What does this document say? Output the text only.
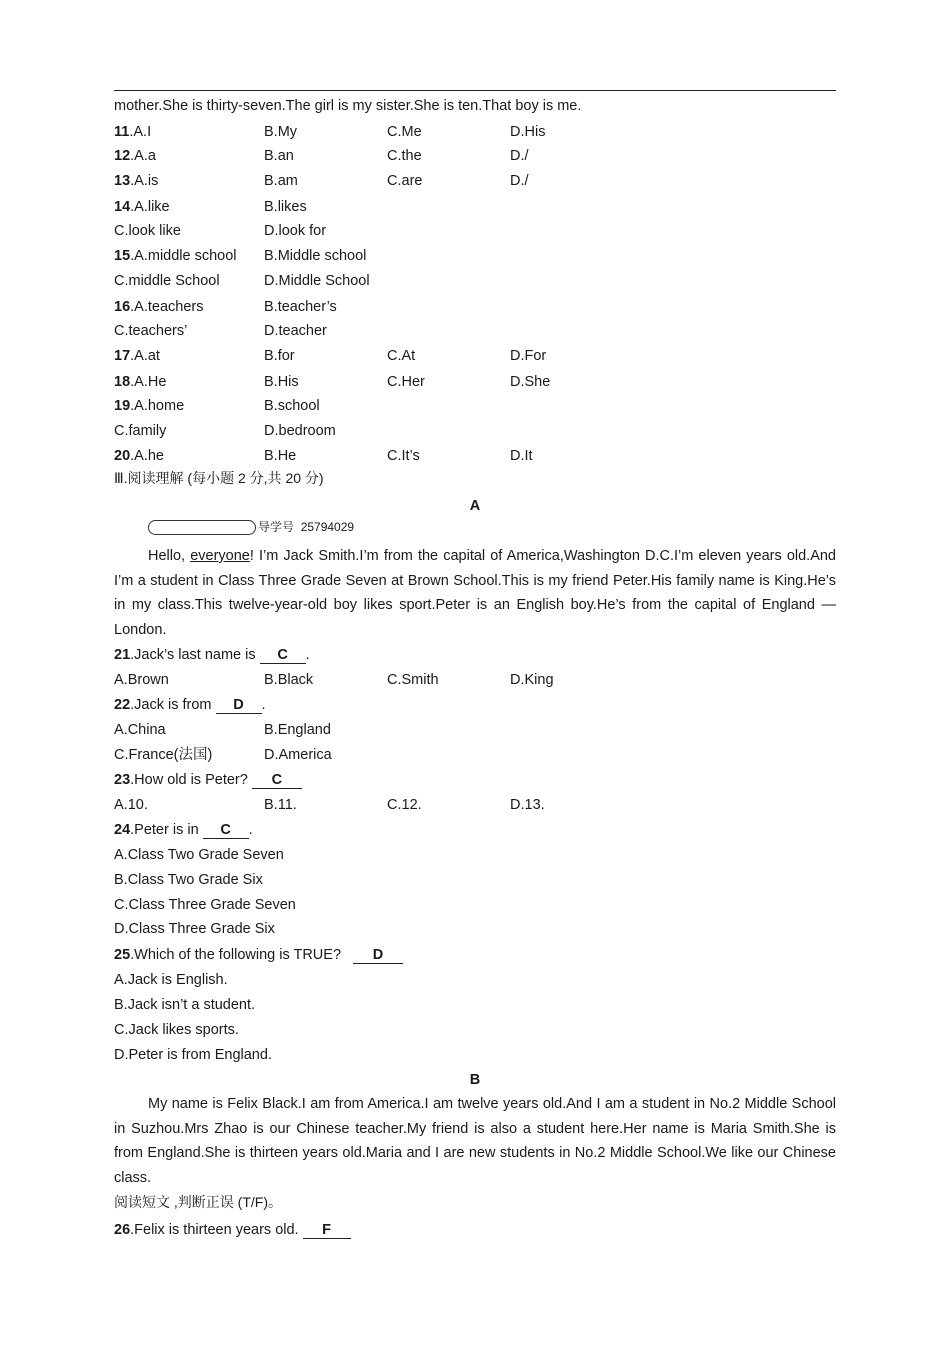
mother.She is thirty-seven.The girl is my sister.She is ten.That boy is me.
11.A.I	B.My	C.Me	D.His
12.A.a	B.an	C.the	D./
13.A.is	B.am	C.are	D./
14.A.like	B.likes
C.look like	D.look for
15.A.middle school B.Middle school
C.middle School	D.Middle School
16.A.teachers	B.teacher’s
C.teachers’	D.teacher
17.A.at	B.for	C.At	D.For
18.A.He	B.His	C.Her	D.She
19.A.home	B.school
C.family	D.bedroom
20.A.he	B.He	C.It’s	D.It
Ⅲ.阅读理解 (每小题 2 分,共 20 分)
A
导学号 25794029
Hello, everyone! I’m Jack Smith.I’m from the capital of America,Washington D.C.I’m eleven years old.And I’m a student in Class Three Grade Seven at Brown School.This is my friend Peter.His family name is King.He’s in my class.This twelve-year-old boy likes sport.Peter is an English boy.He’s from the capital of England — London.
21.Jack’s last name is C .
A.Brown	B.Black	C.Smith	D.King
22.Jack is from D .
A.China	B.England
C.France(法国)	D.America
23.How old is Peter? C
A.10.	B.11.	C.12.	D.13.
24.Peter is in C .
A.Class Two Grade Seven
B.Class Two Grade Six
C.Class Three Grade Seven
D.Class Three Grade Six
25.Which of the following is TRUE? D
A.Jack is English.
B.Jack isn’t a student.
C.Jack likes sports.
D.Peter is from England.
B
My name is Felix Black.I am from America.I am twelve years old.And I am a student in No.2 Middle School in Suzhou.Mrs Zhao is our Chinese teacher.My friend is also a student here.Her name is Maria Smith.She is from England.She is thirteen years old.Maria and I are new students in No.2 Middle School.We like our Chinese class.
阅读短文 ,判断正误 (T/F)。
26.Felix is thirteen years old. F
